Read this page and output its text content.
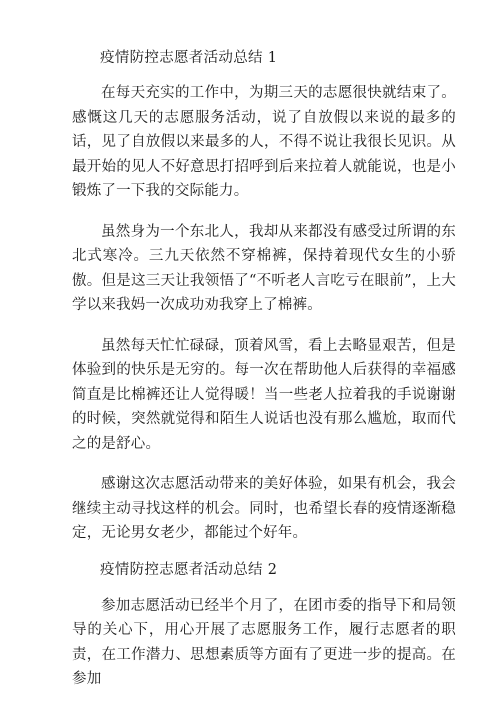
疫情防控志愿者活动总结 1

在每天充实的工作中，为期三天的志愿很快就结束了。感慨这几天的志愿服务活动，说了自放假以来说的最多的话，见了自放假以来最多的人，不得不说让我很长见识。从最开始的见人不好意思打招呼到后来拉着人就能说，也是小锻炼了一下我的交际能力。

虽然身为一个东北人，我却从来都没有感受过所谓的东北式寒冷。三九天依然不穿棉裤，保持着现代女生的小骄傲。但是这三天让我领悟了“不听老人言吃亏在眼前”，上大学以来我妈一次成功劝我穿上了棉裤。

虽然每天忙忙碌碌，顶着风雪，看上去略显艰苦，但是体验到的快乐是无穷的。每一次在帮助他人后获得的幸福感简直是比棉裤还让人觉得暖！当一些老人拉着我的手说谢谢的时候，突然就觉得和陌生人说话也没有那么尴尬，取而代之的是舒心。

感谢这次志愿活动带来的美好体验，如果有机会，我会继续主动寻找这样的机会。同时，也希望长春的疫情逐渐稳定，无论男女老少，都能过个好年。

疫情防控志愿者活动总结 2

参加志愿活动已经半个月了，在团市委的指导下和局领导的关心下，用心开展了志愿服务工作，履行志愿者的职责，在工作潜力、思想素质等方面有了更进一步的提高。在参加
